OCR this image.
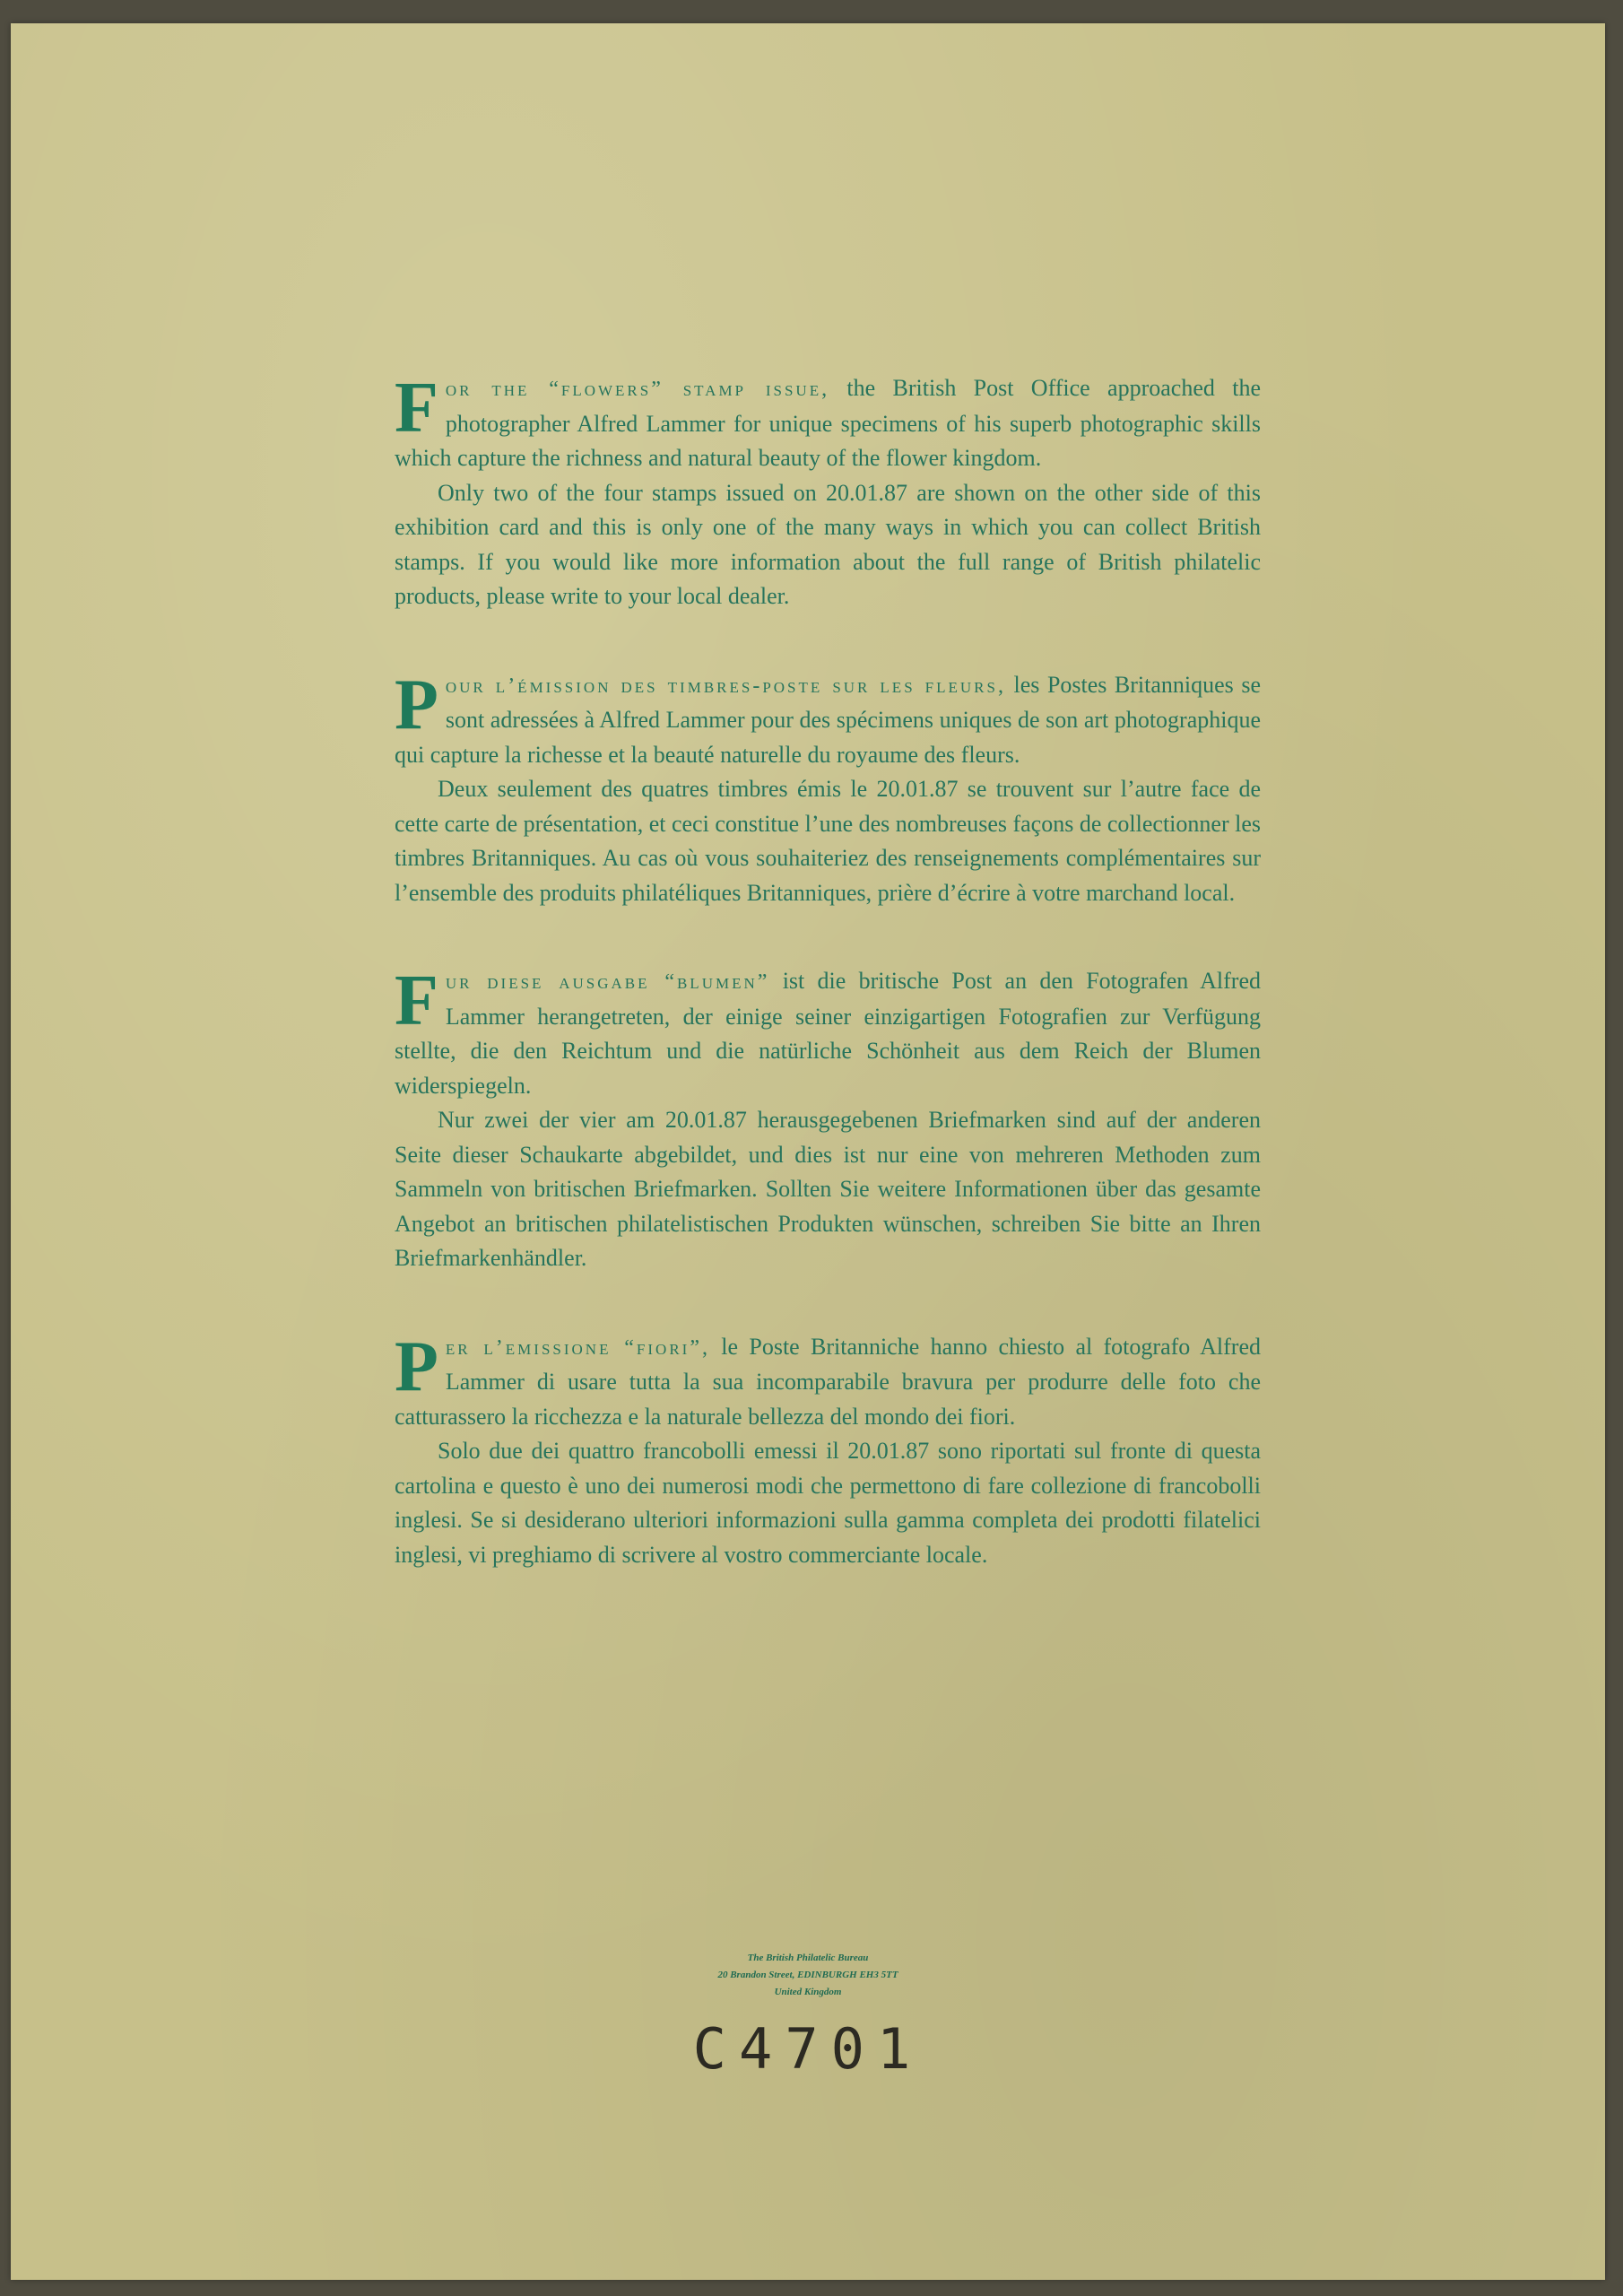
For the “flowers” stamp issue, the British Post Office approached the photographer Alfred Lammer for unique specimens of his superb photographic skills which capture the richness and natural beauty of the flower kingdom.

Only two of the four stamps issued on 20.01.87 are shown on the other side of this exhibition card and this is only one of the many ways in which you can collect British stamps. If you would like more information about the full range of British philatelic products, please write to your local dealer.

Pour l’émission des timbres-poste sur les fleurs, les Postes Britanniques se sont adressées à Alfred Lammer pour des spécimens uniques de son art photographique qui capture la richesse et la beauté naturelle du royaume des fleurs.

Deux seulement des quatres timbres émis le 20.01.87 se trouvent sur l’autre face de cette carte de présentation, et ceci constitue l’une des nombreuses façons de collectionner les timbres Britanniques. Au cas où vous souhaiteriez des renseignements complémentaires sur l’ensemble des produits philatéliques Britanniques, prière d’écrire à votre marchand local.

Fur diese ausgabe “blumen” ist die britische Post an den Fotografen Alfred Lammer herangetreten, der einige seiner einzigartigen Fotografien zur Verfügung stellte, die den Reichtum und die natürliche Schönheit aus dem Reich der Blumen widerspiegeln.

Nur zwei der vier am 20.01.87 herausgegebenen Briefmarken sind auf der anderen Seite dieser Schaukarte abgebildet, und dies ist nur eine von mehreren Methoden zum Sammeln von britischen Briefmarken. Sollten Sie weitere Informationen über das gesamte Angebot an britischen philatelistischen Produkten wünschen, schreiben Sie bitte an Ihren Briefmarkenhändler.

Per l’emissione “fiori”, le Poste Britanniche hanno chiesto al fotografo Alfred Lammer di usare tutta la sua incomparabile bravura per produrre delle foto che catturassero la ricchezza e la naturale bellezza del mondo dei fiori.

Solo due dei quattro francobolli emessi il 20.01.87 sono riportati sul fronte di questa cartolina e questo è uno dei numerosi modi che permettono di fare collezione di francobolli inglesi. Se si desiderano ulteriori informazioni sulla gamma completa dei prodotti filatelici inglesi, vi preghiamo di scrivere al vostro commerciante locale.

The British Philatelic Bureau
20 Brandon Street, EDINBURGH EH3 5TT
United Kingdom
C4701
